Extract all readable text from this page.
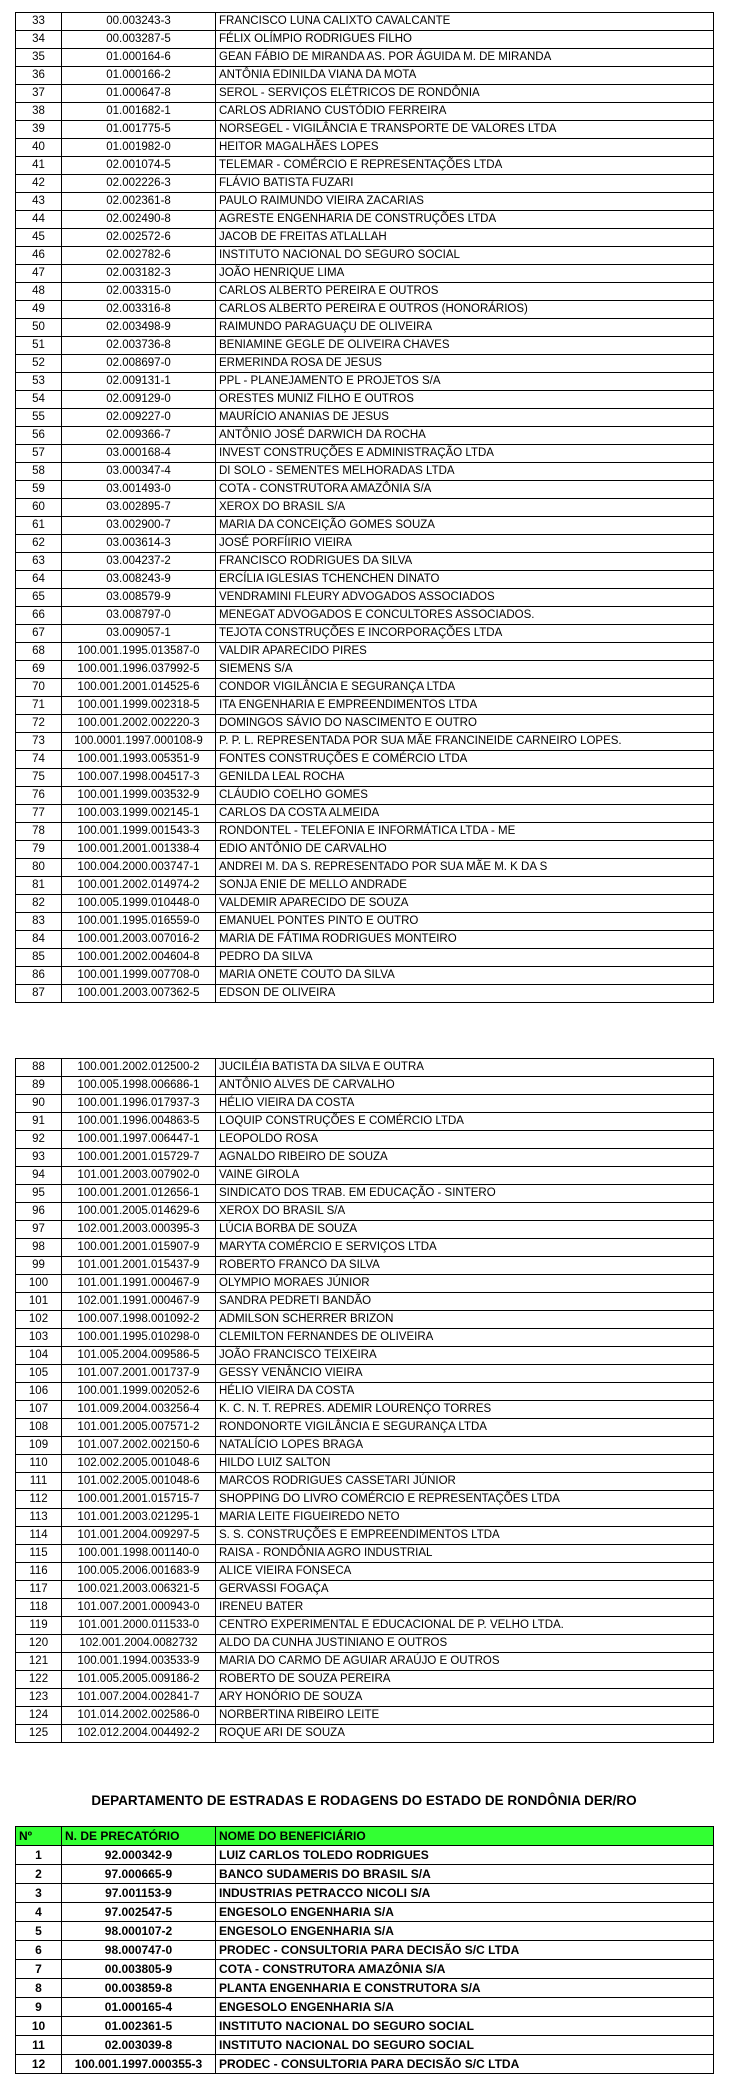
33	00.003243-3	FRANCISCO LUNA CALIXTO CAVALCANTE
34	00.003287-5	FÉLIX OLÍMPIO RODRIGUES FILHO
35	01.000164-6	GEAN FÁBIO DE MIRANDA AS. POR ÁGUIDA M. DE MIRANDA
36	01.000166-2	ANTÔNIA EDINILDA VIANA DA MOTA
37	01.000647-8	SEROL - SERVIÇOS ELÉTRICOS DE RONDÔNIA
38	01.001682-1	CARLOS ADRIANO CUSTÓDIO FERREIRA
39	01.001775-5	NORSEGEL - VIGILÂNCIA E TRANSPORTE DE VALORES LTDA
40	01.001982-0	HEITOR MAGALHÃES LOPES
41	02.001074-5	TELEMAR - COMÉRCIO E REPRESENTAÇÕES LTDA
42	02.002226-3	FLÁVIO BATISTA FUZARI
43	02.002361-8	PAULO RAIMUNDO VIEIRA ZACARIAS
44	02.002490-8	AGRESTE ENGENHARIA DE CONSTRUÇÕES LTDA
45	02.002572-6	JACOB DE FREITAS ATLALLAH
46	02.002782-6	INSTITUTO NACIONAL DO SEGURO SOCIAL
47	02.003182-3	JOÃO HENRIQUE LIMA
48	02.003315-0	CARLOS ALBERTO PEREIRA E OUTROS
49	02.003316-8	CARLOS ALBERTO PEREIRA E OUTROS (HONORÁRIOS)
50	02.003498-9	RAIMUNDO PARAGUAÇU DE OLIVEIRA
51	02.003736-8	BENIAMINE GEGLE DE OLIVEIRA CHAVES
52	02.008697-0	ERMERINDA ROSA DE JESUS
53	02.009131-1	PPL - PLANEJAMENTO E PROJETOS S/A
54	02.009129-0	ORESTES MUNIZ FILHO E OUTROS
55	02.009227-0	MAURÍCIO ANANIAS DE JESUS
56	02.009366-7	ANTÔNIO JOSÉ DARWICH DA ROCHA
57	03.000168-4	INVEST CONSTRUÇÕES E ADMINISTRAÇÃO LTDA
58	03.000347-4	DI SOLO - SEMENTES MELHORADAS LTDA
59	03.001493-0	COTA - CONSTRUTORA AMAZÔNIA S/A
60	03.002895-7	XEROX DO BRASIL S/A
61	03.002900-7	MARIA DA CONCEIÇÃO GOMES SOUZA
62	03.003614-3	JOSÉ PORFÍIRIO VIEIRA
63	03.004237-2	FRANCISCO RODRIGUES DA SILVA
64	03.008243-9	ERCÍLIA IGLESIAS TCHENCHEN DINATO
65	03.008579-9	VENDRAMINI FLEURY ADVOGADOS ASSOCIADOS
66	03.008797-0	MENEGAT ADVOGADOS E CONCULTORES ASSOCIADOS.
67	03.009057-1	TEJOTA CONSTRUÇÕES E INCORPORAÇÕES LTDA
68	100.001.1995.013587-0	VALDIR APARECIDO PIRES
69	100.001.1996.037992-5	SIEMENS S/A
70	100.001.2001.014525-6	CONDOR VIGILÂNCIA E SEGURANÇA LTDA
71	100.001.1999.002318-5	ITA ENGENHARIA E EMPREENDIMENTOS LTDA
72	100.001.2002.002220-3	DOMINGOS SÁVIO DO NASCIMENTO E OUTRO
73	100.0001.1997.000108-9	P. P. L. REPRESENTADA POR SUA MÃE FRANCINEIDE CARNEIRO LOPES.
74	100.001.1993.005351-9	FONTES CONSTRUÇÕES E COMÉRCIO LTDA
75	100.007.1998.004517-3	GENILDA LEAL ROCHA
76	100.001.1999.003532-9	CLÁUDIO COELHO GOMES
77	100.003.1999.002145-1	CARLOS DA COSTA ALMEIDA
78	100.001.1999.001543-3	RONDONTEL - TELEFONIA E INFORMÁTICA LTDA - ME
79	100.001.2001.001338-4	EDIO ANTÔNIO DE CARVALHO
80	100.004.2000.003747-1	ANDREI M. DA S. REPRESENTADO POR SUA MÃE M. K DA S
81	100.001.2002.014974-2	SONJA ENIE DE MELLO ANDRADE
82	100.005.1999.010448-0	VALDEMIR APARECIDO DE SOUZA
83	100.001.1995.016559-0	EMANUEL PONTES PINTO E OUTRO
84	100.001.2003.007016-2	MARIA DE FÁTIMA RODRIGUES MONTEIRO
85	100.001.2002.004604-8	PEDRO DA SILVA
86	100.001.1999.007708-0	MARIA ONETE COUTO DA SILVA
87	100.001.2003.007362-5	EDSON DE OLIVEIRA
88	100.001.2002.012500-2	JUCILÉIA BATISTA DA SILVA E OUTRA
89	100.005.1998.006686-1	ANTÔNIO ALVES DE CARVALHO
90	100.001.1996.017937-3	HÉLIO VIEIRA DA COSTA
91	100.001.1996.004863-5	LOQUIP CONSTRUÇÕES E COMÉRCIO LTDA
92	100.001.1997.006447-1	LEOPOLDO ROSA
93	100.001.2001.015729-7	AGNALDO RIBEIRO DE SOUZA
94	101.001.2003.007902-0	VAINE GIROLA
95	100.001.2001.012656-1	SINDICATO DOS TRAB. EM EDUCAÇÃO - SINTERO
96	100.001.2005.014629-6	XEROX DO BRASIL S/A
97	102.001.2003.000395-3	LÚCIA BORBA DE SOUZA
98	100.001.2001.015907-9	MARYTA COMÉRCIO E SERVIÇOS LTDA
99	101.001.2001.015437-9	ROBERTO FRANCO DA SILVA
100	101.001.1991.000467-9	OLYMPIO MORAES JÚNIOR
101	102.001.1991.000467-9	SANDRA PEDRETI BANDÃO
102	100.007.1998.001092-2	ADMILSON SCHERRER BRIZON
103	100.001.1995.010298-0	CLEMILTON FERNANDES DE OLIVEIRA
104	101.005.2004.009586-5	JOÃO FRANCISCO TEIXEIRA
105	101.007.2001.001737-9	GESSY VENÂNCIO VIEIRA
106	100.001.1999.002052-6	HÉLIO VIEIRA DA COSTA
107	101.009.2004.003256-4	K. C. N. T. REPRES. ADEMIR LOURENÇO TORRES
108	101.001.2005.007571-2	RONDONORTE VIGILÂNCIA E SEGURANÇA LTDA
109	101.007.2002.002150-6	NATALÍCIO LOPES BRAGA
110	102.002.2005.001048-6	HILDO LUIZ SALTON
111	101.002.2005.001048-6	MARCOS RODRIGUES CASSETARI JÚNIOR
112	100.001.2001.015715-7	SHOPPING DO LIVRO COMÉRCIO E REPRESENTAÇÕES LTDA
113	101.001.2003.021295-1	MARIA LEITE FIGUEIREDO NETO
114	101.001.2004.009297-5	S. S. CONSTRUÇÕES E EMPREENDIMENTOS LTDA
115	100.001.1998.001140-0	RAISA - RONDÔNIA AGRO INDUSTRIAL
116	100.005.2006.001683-9	ALICE VIEIRA FONSECA
117	100.021.2003.006321-5	GERVASSI FOGAÇA
118	101.007.2001.000943-0	IRENEU BATER
119	101.001.2000.011533-0	CENTRO EXPERIMENTAL E EDUCACIONAL DE P. VELHO LTDA.
120	102.001.2004.0082732	ALDO DA CUNHA JUSTINIANO E OUTROS
121	100.001.1994.003533-9	MARIA DO CARMO DE AGUIAR ARAÚJO E OUTROS
122	101.005.2005.009186-2	ROBERTO DE SOUZA PEREIRA
123	101.007.2004.002841-7	ARY HONÓRIO DE SOUZA
124	101.014.2002.002586-0	NORBERTINA RIBEIRO LEITE
125	102.012.2004.004492-2	ROQUE ARI DE SOUZA
DEPARTAMENTO DE ESTRADAS E RODAGENS DO ESTADO DE RONDÔNIA DER/RO
Nº	N. DE PRECATÓRIO	NOME DO BENEFICIÁRIO
1	92.000342-9	LUIZ CARLOS TOLEDO RODRIGUES
2	97.000665-9	BANCO SUDAMERIS DO BRASIL S/A
3	97.001153-9	INDUSTRIAS PETRACCO NICOLI S/A
4	97.002547-5	ENGESOLO ENGENHARIA S/A
5	98.000107-2	ENGESOLO ENGENHARIA S/A
6	98.000747-0	PRODEC - CONSULTORIA PARA DECISÃO S/C LTDA
7	00.003805-9	COTA - CONSTRUTORA AMAZÔNIA S/A
8	00.003859-8	PLANTA ENGENHARIA E CONSTRUTORA S/A
9	01.000165-4	ENGESOLO ENGENHARIA S/A
10	01.002361-5	INSTITUTO NACIONAL DO SEGURO SOCIAL
11	02.003039-8	INSTITUTO NACIONAL DO SEGURO SOCIAL
12	100.001.1997.000355-3	PRODEC - CONSULTORIA PARA DECISÃO S/C LTDA
